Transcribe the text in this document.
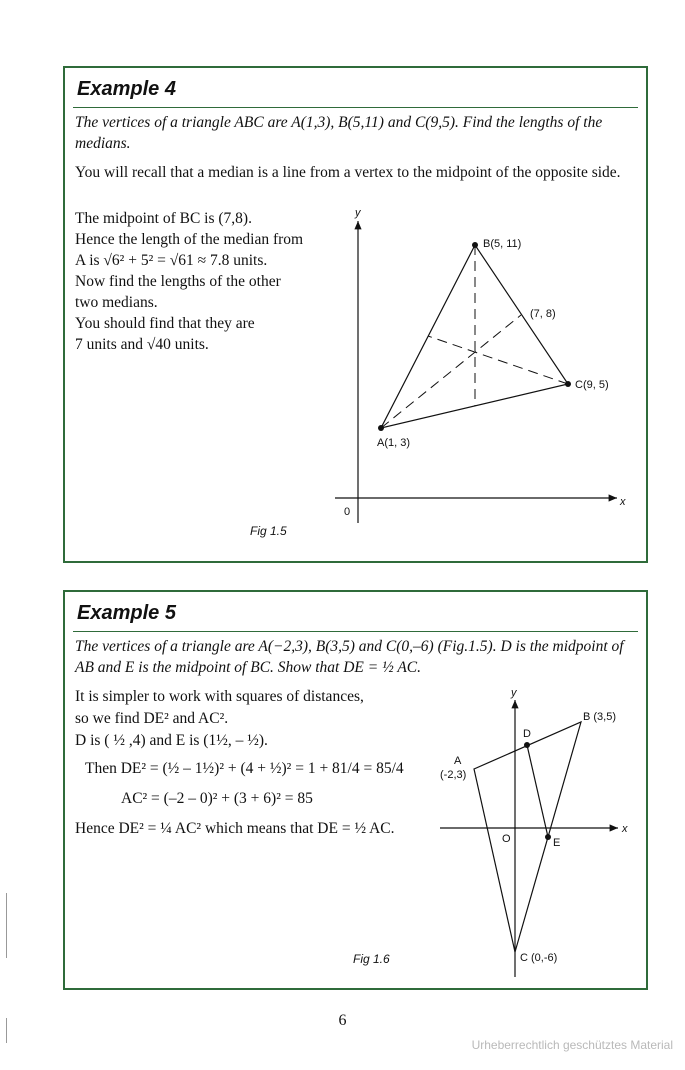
Example 4
The vertices of a triangle ABC are A(1,3), B(5,11) and C(9,5). Find the lengths of the medians.
You will recall that a median is a line from a vertex to the midpoint of the opposite side.
The midpoint of BC is (7,8).
Hence the length of the median from
A is √6² + 5² = √61 ≈ 7.8 units.
Now find the lengths of the other
two medians.
You should find that they are
7 units and √40 units.
y
x
0
B(5, 11)
(7, 8)
C(9, 5)
A(1, 3)
Fig 1.5
Example 5
The vertices of a triangle are A(−2,3), B(3,5) and C(0,–6) (Fig.1.5). D is the midpoint of AB and E is the midpoint of BC. Show that DE = ½ AC.
It is simpler to work with squares of distances,
so we find DE² and AC².
D is ( ½ ,4) and E is (1½, – ½).
Then DE² = (½ – 1½)² + (4 + ½)² = 1 + 81/4 = 85/4
AC² = (–2 – 0)² + (3 + 6)² = 85
Hence DE² = ¼ AC² which means that DE = ½ AC.
y
x
O
B (3,5)
D
A
(-2,3)
E
C (0,-6)
Fig 1.6
6
Urheberrechtlich geschütztes Material
